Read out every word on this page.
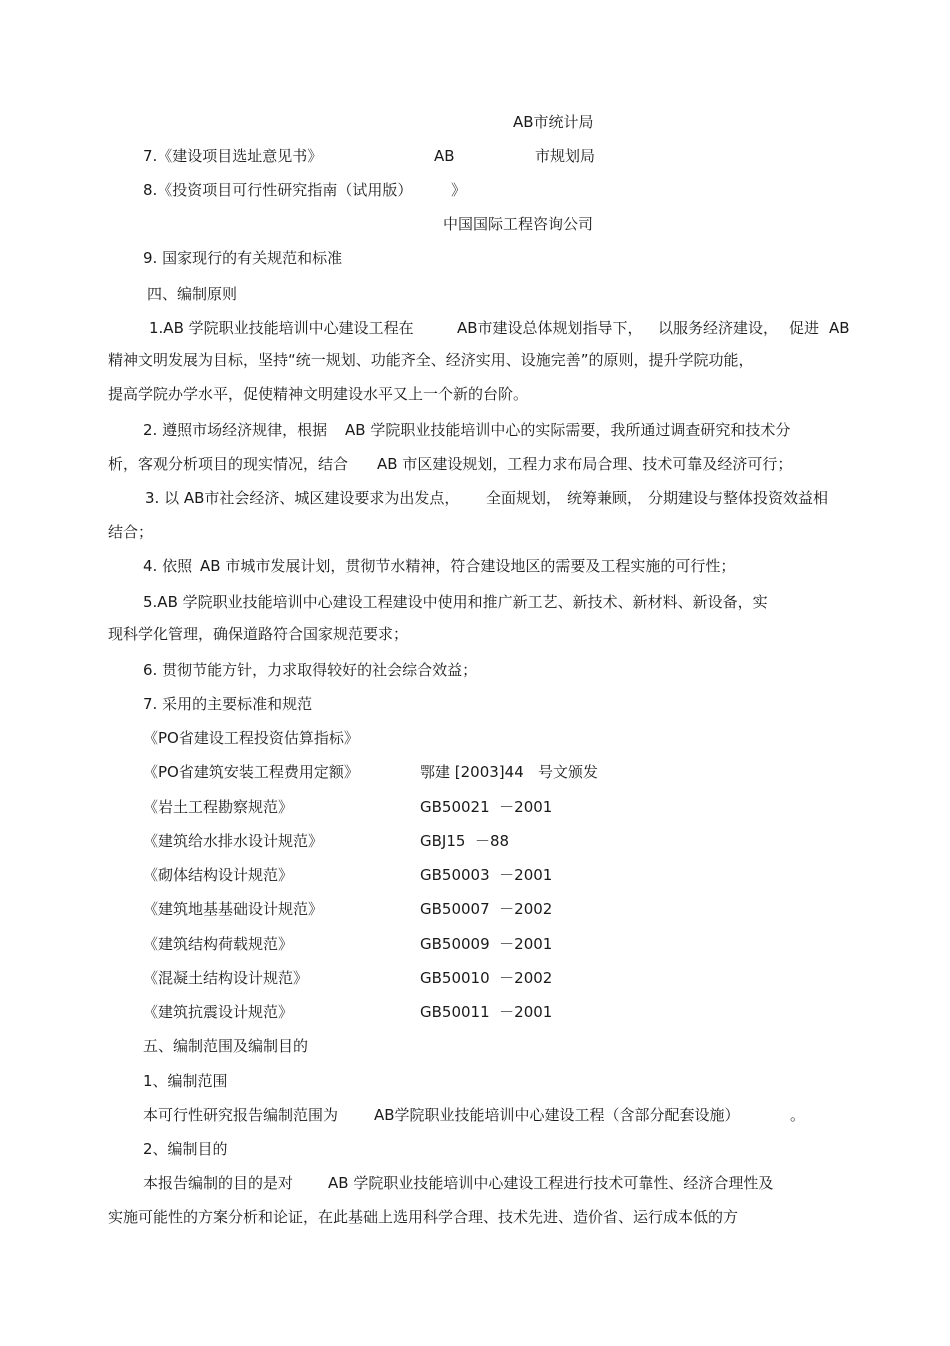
AB市统计局
7.《建设项目选址意见书》	AB	市规划局
8.《投资项目可行性研究指南（试用版）	》
中国国际工程咨询公司
9. 国家现行的有关规范和标准
四、编制原则
1.AB 学院职业技能培训中心建设工程在	AB市建设总体规划指导下， 以服务经济建设， 促进 AB
精神文明发展为目标，坚持“统一规划、功能齐全、经济实用、设施完善”的原则，提升学院功能，
提高学院办学水平，促使精神文明建设水平又上一个新的台阶。
2. 遵照市场经济规律，根据 AB 学院职业技能培训中心的实际需要，我所通过调查研究和技术分
析，客观分析项目的现实情况，结合 AB 市区建设规划，工程力求布局合理、技术可靠及经济可行；
3. 以 AB市社会经济、城区建设要求为出发点， 全面规划， 统筹兼顾， 分期建设与整体投资效益相
结合；
4. 依照 AB 市城市发展计划，贯彻节水精神，符合建设地区的需要及工程实施的可行性；
5.AB 学院职业技能培训中心建设工程建设中使用和推广新工艺、新技术、新材料、新设备，实
现科学化管理，确保道路符合国家规范要求；
6. 贯彻节能方针，力求取得较好的社会综合效益；
7. 采用的主要标准和规范
《PO省建设工程投资估算指标》
《PO省建筑安装工程费用定额》	鄂建 [2003]44   号文颁发
《岩土工程勘察规范》	GB50021  －2001
《建筑给水排水设计规范》	GBJ15  －88
《砌体结构设计规范》	GB50003  －2001
《建筑地基基础设计规范》	GB50007  －2002
《建筑结构荷载规范》	GB50009  －2001
《混凝土结构设计规范》	GB50010  －2002
《建筑抗震设计规范》	GB50011  －2001
五、编制范围及编制目的
1、编制范围
本可行性研究报告编制范围为 AB学院职业技能培训中心建设工程（含部分配套设施）	。
2、编制目的
本报告编制的目的是对 AB 学院职业技能培训中心建设工程进行技术可靠性、经济合理性及
实施可能性的方案分析和论证，在此基础上选用科学合理、技术先进、造价省、运行成本低的方
